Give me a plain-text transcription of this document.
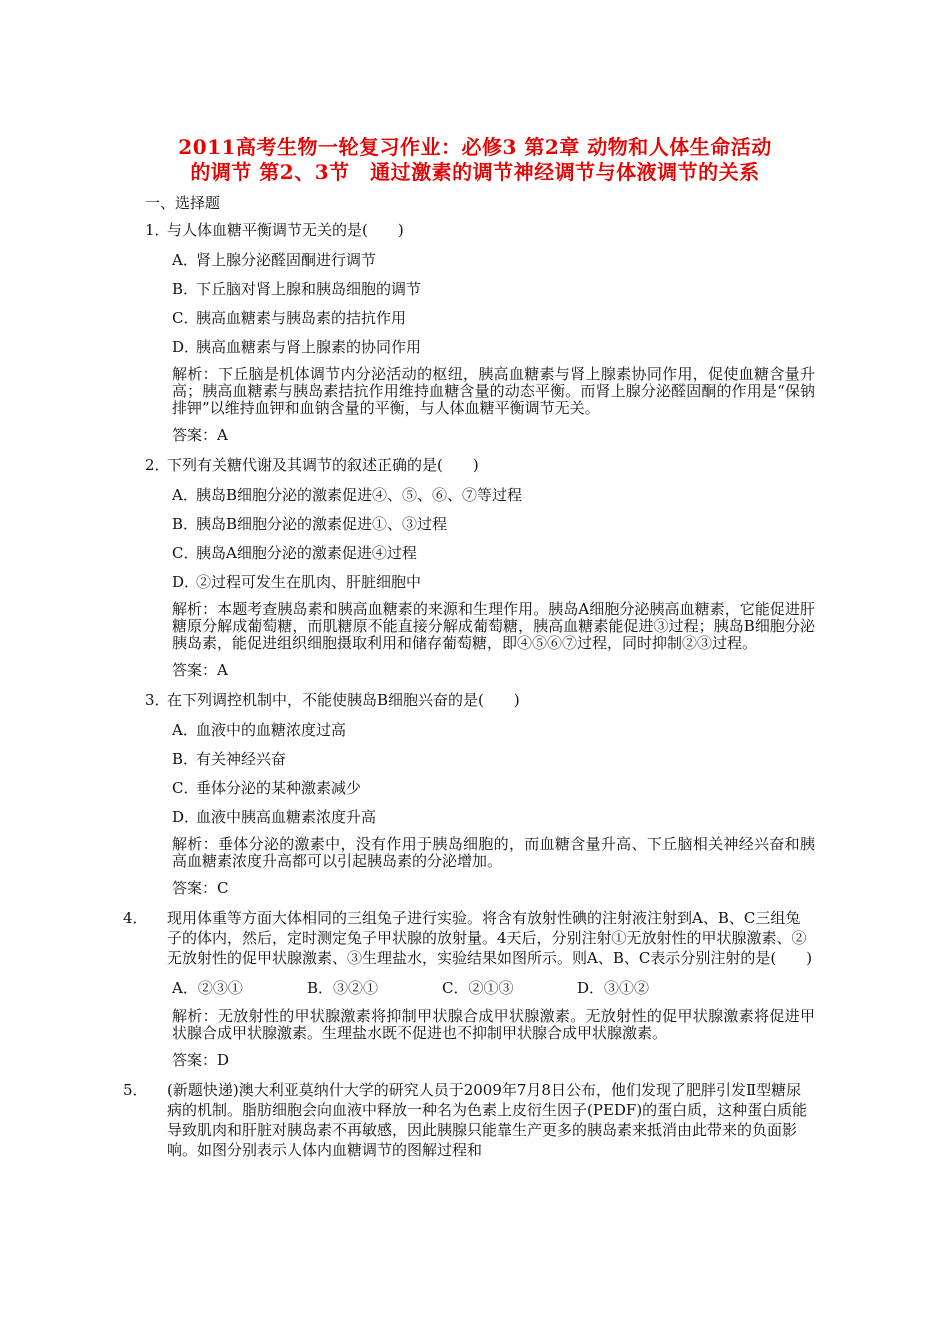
2011高考生物一轮复习作业：必修3 第2章 动物和人体生命活动
的调节 第2、3节　通过激素的调节神经调节与体液调节的关系
一、选择题
1．与人体血糖平衡调节无关的是(　　)
A．肾上腺分泌醛固酮进行调节
B．下丘脑对肾上腺和胰岛细胞的调节
C．胰高血糖素与胰岛素的拮抗作用
D．胰高血糖素与肾上腺素的协同作用
解析：下丘脑是机体调节内分泌活动的枢纽，胰高血糖素与肾上腺素协同作用，促使血糖含量升高；胰高血糖素与胰岛素拮抗作用维持血糖含量的动态平衡。而肾上腺分泌醛固酮的作用是“保钠排钾”以维持血钾和血钠含量的平衡，与人体血糖平衡调节无关。
答案：A
2．下列有关糖代谢及其调节的叙述正确的是(　　)
A．胰岛B细胞分泌的激素促进④、⑤、⑥、⑦等过程
B．胰岛B细胞分泌的激素促进①、③过程
C．胰岛A细胞分泌的激素促进④过程
D．②过程可发生在肌肉、肝脏细胞中
解析：本题考查胰岛素和胰高血糖素的来源和生理作用。胰岛A细胞分泌胰高血糖素，它能促进肝糖原分解成葡萄糖，而肌糖原不能直接分解成葡萄糖，胰高血糖素能促进③过程；胰岛B细胞分泌胰岛素，能促进组织细胞摄取利用和储存葡萄糖，即④⑤⑥⑦过程，同时抑制②③过程。
答案：A
3．在下列调控机制中，不能使胰岛B细胞兴奋的是(　　)
A．血液中的血糖浓度过高
B．有关神经兴奋
C．垂体分泌的某种激素减少
D．血液中胰高血糖素浓度升高
解析：垂体分泌的激素中，没有作用于胰岛细胞的，而血糖含量升高、下丘脑相关神经兴奋和胰高血糖素浓度升高都可以引起胰岛素的分泌增加。
答案：C
4． 现用体重等方面大体相同的三组兔子进行实验。将含有放射性碘的注射液注射到A、B、C三组兔子的体内，然后，定时测定兔子甲状腺的放射量。4天后，分别注射①无放射性的甲状腺激素、②无放射性的促甲状腺激素、③生理盐水，实验结果如图所示。则A、B、C表示分别注射的是(　　)
A．②③①	B．③②①	C．②①③	D．③①②
解析：无放射性的甲状腺激素将抑制甲状腺合成甲状腺激素。无放射性的促甲状腺激素将促进甲状腺合成甲状腺激素。生理盐水既不促进也不抑制甲状腺合成甲状腺激素。
答案：D
5． (新题快递)澳大利亚莫纳什大学的研究人员于2009年7月8日公布，他们发现了肥胖引发Ⅱ型糖尿病的机制。脂肪细胞会向血液中释放一种名为色素上皮衍生因子(PEDF)的蛋白质，这种蛋白质能导致肌肉和肝脏对胰岛素不再敏感，因此胰腺只能靠生产更多的胰岛素来抵消由此带来的负面影响。如图分别表示人体内血糖调节的图解过程和
